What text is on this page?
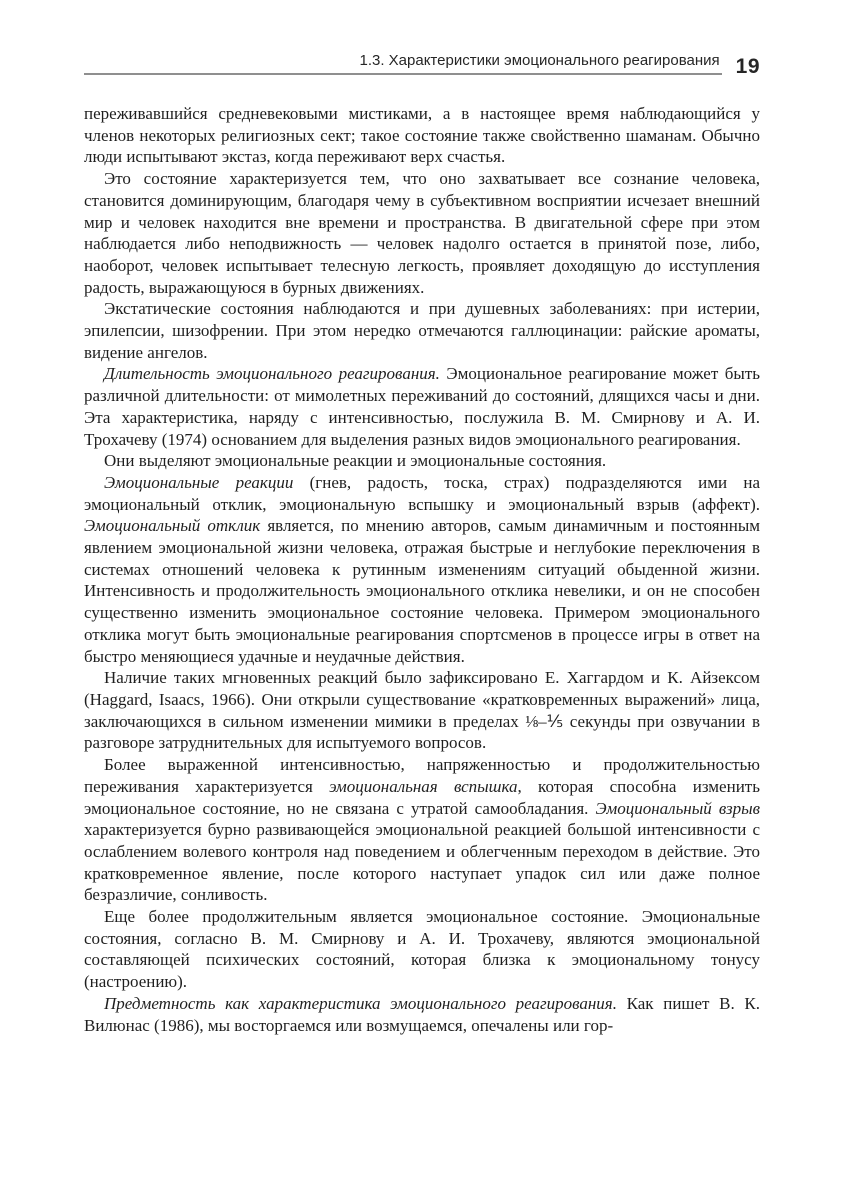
1.3. Характеристики эмоционального реагирования 19

переживавшийся средневековыми мистиками, а в настоящее время наблюдающийся у членов некоторых религиозных сект; такое состояние также свойственно шаманам. Обычно люди испытывают экстаз, когда переживают верх счастья.

Это состояние характеризуется тем, что оно захватывает все сознание человека, становится доминирующим, благодаря чему в субъективном восприятии исчезает внешний мир и человек находится вне времени и пространства. В двигательной сфере при этом наблюдается либо неподвижность — человек надолго остается в принятой позе, либо, наоборот, человек испытывает телесную легкость, проявляет доходящую до исступления радость, выражающуюся в бурных движениях.

Экстатические состояния наблюдаются и при душевных заболеваниях: при истерии, эпилепсии, шизофрении. При этом нередко отмечаются галлюцинации: райские ароматы, видение ангелов.

Длительность эмоционального реагирования. Эмоциональное реагирование может быть различной длительности: от мимолетных переживаний до состояний, длящихся часы и дни. Эта характеристика, наряду с интенсивностью, послужила В. М. Смирнову и А. И. Трохачеву (1974) основанием для выделения разных видов эмоционального реагирования.

Они выделяют эмоциональные реакции и эмоциональные состояния.

Эмоциональные реакции (гнев, радость, тоска, страх) подразделяются ими на эмоциональный отклик, эмоциональную вспышку и эмоциональный взрыв (аффект). Эмоциональный отклик является, по мнению авторов, самым динамичным и постоянным явлением эмоциональной жизни человека, отражая быстрые и неглубокие переключения в системах отношений человека к рутинным изменениям ситуаций обыденной жизни. Интенсивность и продолжительность эмоционального отклика невелики, и он не способен существенно изменить эмоциональное состояние человека. Примером эмоционального отклика могут быть эмоциональные реагирования спортсменов в процессе игры в ответ на быстро меняющиеся удачные и неудачные действия.

Наличие таких мгновенных реакций было зафиксировано Е. Хаггардом и К. Айзексом (Haggard, Isaacs, 1966). Они открыли существование «кратковременных выражений» лица, заключающихся в сильном изменении мимики в пределах ⅛–⅕ секунды при озвучании в разговоре затруднительных для испытуемого вопросов.

Более выраженной интенсивностью, напряженностью и продолжительностью переживания характеризуется эмоциональная вспышка, которая способна изменить эмоциональное состояние, но не связана с утратой самообладания. Эмоциональный взрыв характеризуется бурно развивающейся эмоциональной реакцией большой интенсивности с ослаблением волевого контроля над поведением и облегченным переходом в действие. Это кратковременное явление, после которого наступает упадок сил или даже полное безразличие, сонливость.

Еще более продолжительным является эмоциональное состояние. Эмоциональные состояния, согласно В. М. Смирнову и А. И. Трохачеву, являются эмоциональной составляющей психических состояний, которая близка к эмоциональному тонусу (настроению).

Предметность как характеристика эмоционального реагирования. Как пишет В. К. Вилюнас (1986), мы восторгаемся или возмущаемся, опечалены или гор-
